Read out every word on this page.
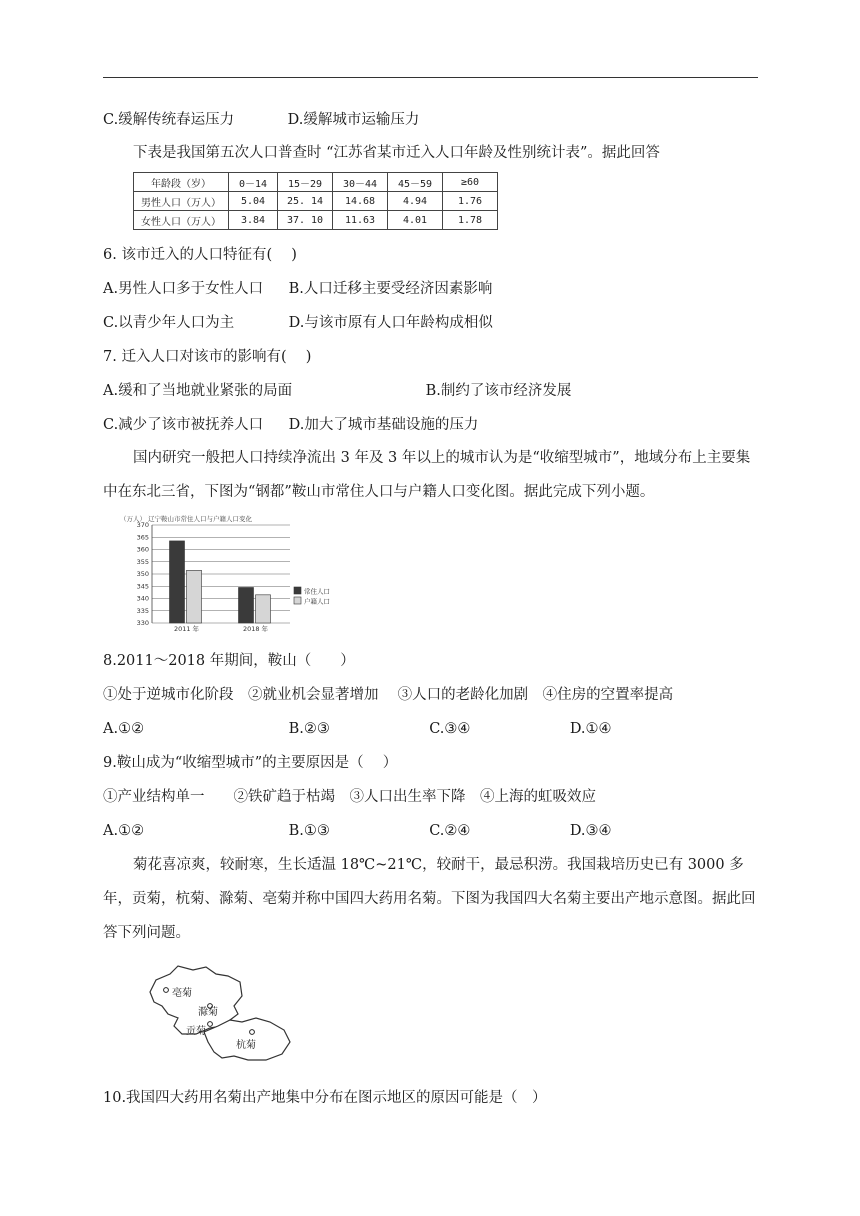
C.缓解传统春运压力	D.缓解城市运输压力
下表是我国第五次人口普查时 “江苏省某市迁入人口年龄及性别统计表”。据此回答
年龄段（岁）	0－14	15－29	30－44	45－59	≥60
男性人口（万人）	5.04	25. 14	14.68	4.94	1.76
女性人口（万人）	3.84	37. 10	11.63	4.01	1.78
6. 该市迁入的人口特征有(　 )
A.男性人口多于女性人口 B.人口迁移主要受经济因素影响
C.以青少年人口为主	D.与该市原有人口年龄构成相似
7. 迁入人口对该市的影响有(　 )
A.缓和了当地就业紧张的局面	B.制约了该市经济发展
C.减少了该市被抚养人口 D.加大了城市基础设施的压力
国内研究一般把人口持续净流出 3 年及 3 年以上的城市认为是“收缩型城市”，地域分布上主要集中在东北三省，下图为“钢都”鞍山市常住人口与户籍人口变化图。据此完成下列小题。
（万人） 辽宁鞍山市常住人口与户籍人口变化
330
335
340
345
350
355
360
365
370
2011 年	2018 年
常住人口
户籍人口
8.2011～2018 年期间，鞍山（　　）
①处于逆城市化阶段　②就业机会显著增加　 ③人口的老龄化加剧　④住房的空置率提高
A.①②	B.②③	C.③④	D.①④
9.鞍山成为“收缩型城市”的主要原因是（　 ）
①产业结构单一　　②铁矿趋于枯竭　③人口出生率下降　④上海的虹吸效应
A.①②	B.①③	C.②④	D.③④
菊花喜凉爽，较耐寒，生长适温 18℃~21℃，较耐干，最忌积涝。我国栽培历史已有 3000 多年，贡菊，杭菊、滁菊、亳菊并称中国四大药用名菊。下图为我国四大名菊主要出产地示意图。据此回答下列问题。
亳菊
滁菊
贡菊
杭菊
10.我国四大药用名菊出产地集中分布在图示地区的原因可能是（　）
